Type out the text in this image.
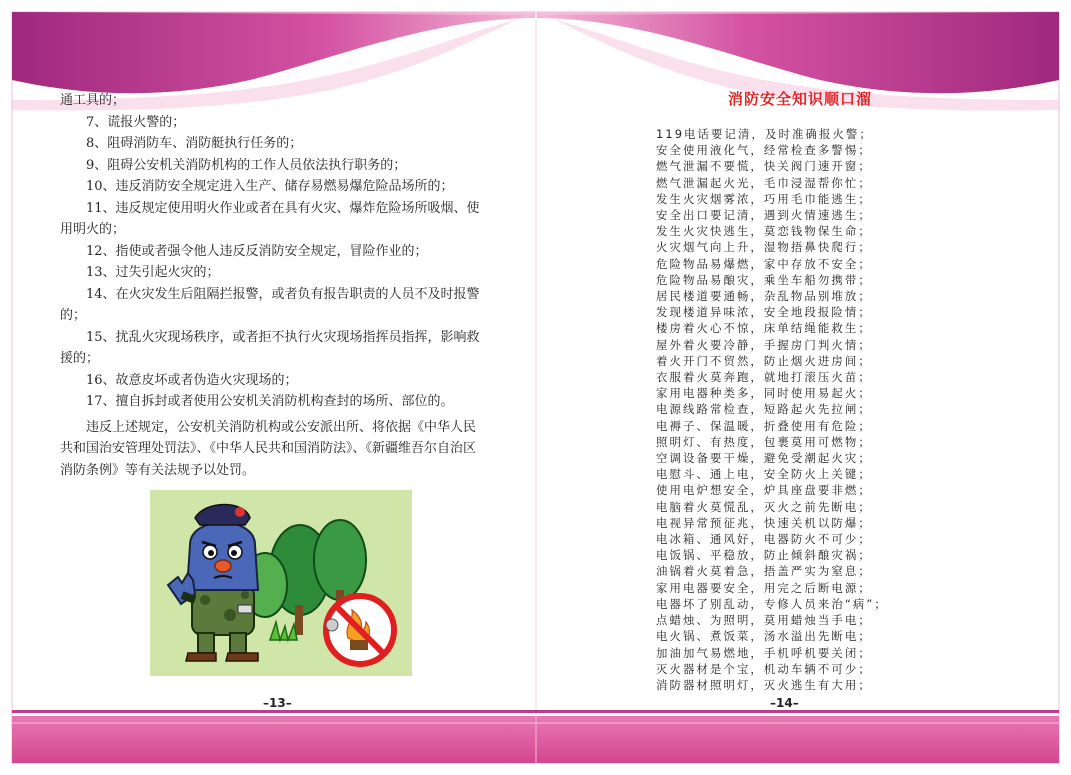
通工具的；

7、谎报火警的；

8、阻碍消防车、消防艇执行任务的；

9、阻碍公安机关消防机构的工作人员依法执行职务的；

10、违反消防安全规定进入生产、储存易燃易爆危险品场所的；

11、违反规定使用明火作业或者在具有火灾、爆炸危险场所吸烟、使用明火的；

12、指使或者强令他人违反反消防安全规定，冒险作业的；

13、过失引起火灾的；

14、在火灾发生后阻隔拦报警，或者负有报告职责的人员不及时报警的；

15、扰乱火灾现场秩序，或者拒不执行火灾现场指挥员指挥，影响救援的；

16、故意皮坏或者伪造火灾现场的；

17、擅自拆封或者使用公安机关消防机构查封的场所、部位的。

违反上述规定，公安机关消防机构或公安派出所、将依据《中华人民共和国治安管理处罚法》、《中华人民共和国消防法》、《新疆维吾尔自治区消防条例》等有关法规予以处罚。

–13–
消防安全知识顺口溜
119电话要记清，及时准确报火警；
安全使用液化气，经常检查多警惕；
燃气泄漏不要慌，快关阀门速开窗；
燃气泄漏起火光，毛巾浸湿帮你忙；
发生火灾烟雾浓，巧用毛巾能逃生；
安全出口要记清，遇到火情速逃生；
发生火灾快逃生，莫恋钱物保生命；
火灾烟气向上升，湿物捂鼻快爬行；
危险物品易爆燃，家中存放不安全；
危险物品易酿灾，乘坐车船勿携带；
居民楼道要通畅，杂乱物品别堆放；
发现楼道异味浓，安全地段报险情；
楼房着火心不惊，床单结绳能救生；
屋外着火要冷静，手握房门判火情；
着火开门不贸然，防止烟火进房间；
衣服着火莫奔跑，就地打滚压火苗；
家用电器种类多，同时使用易起火；
电源线路常检查，短路起火先拉闸；
电褥子、保温暖，折叠使用有危险；
照明灯、有热度，包裹莫用可燃物；
空调设备要干燥，避免受潮起火灾；
电慰斗、通上电，安全防火上关键；
使用电炉想安全，炉具座盘要非燃；
电脑着火莫慌乱，灭火之前先断电；
电视异常预征兆，快速关机以防爆；
电冰箱、通风好，电器防火不可少；
电饭锅、平稳放，防止倾斜酿灾祸；
油锅着火莫着急，捂盖严实为窒息；
家用电器要安全，用完之后断电源；
电器坏了别乱动，专修人员来治“病”；
点蜡烛、为照明，莫用蜡烛当手电；
电火锅、煮饭菜，汤水溢出先断电；
加油加气易燃地，手机呼机要关闭；
灭火器材是个宝，机动车辆不可少；
消防器材照明灯，灭火逃生有大用；
–14–
